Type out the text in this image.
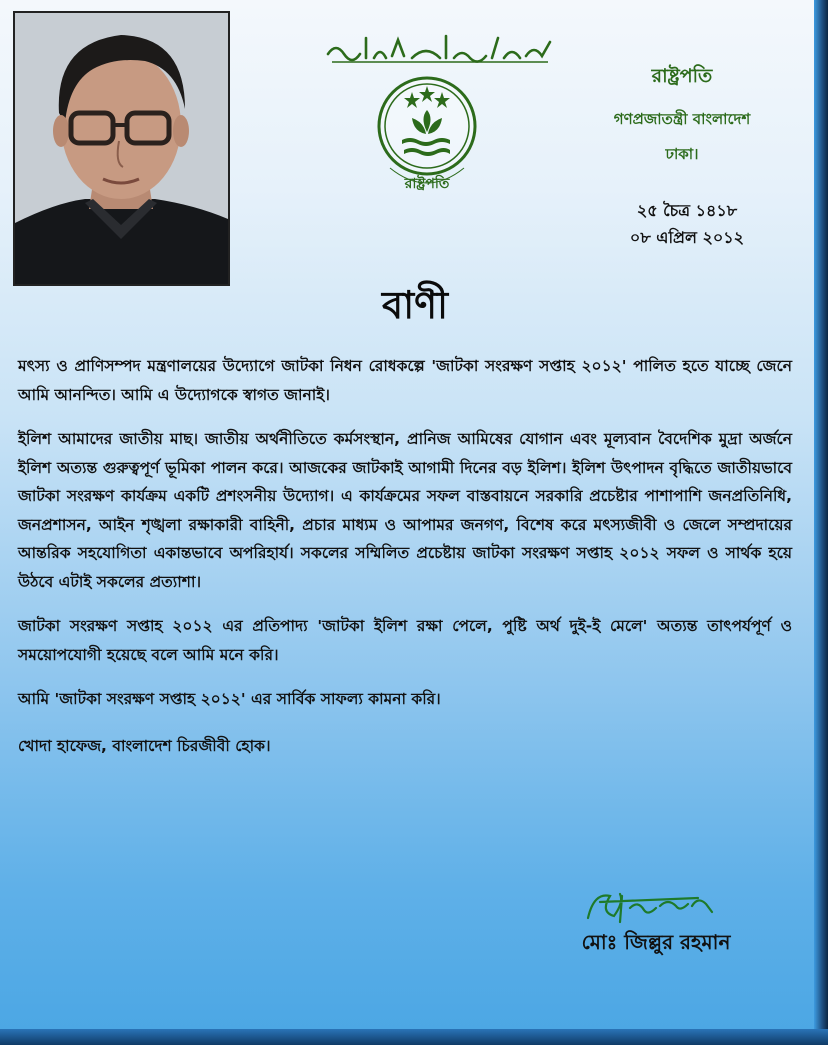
রাষ্ট্রপতি

রাষ্ট্রপতি

গণপ্রজাতন্ত্রী বাংলাদেশ
ঢাকা।
২৫ চৈত্র ১৪১৮
০৮ এপ্রিল ২০১২
বাণী

মৎস্য ও প্রাণিসম্পদ মন্ত্রণালয়ের উদ্যোগে জাটকা নিধন রোধকল্পে 'জাটকা সংরক্ষণ সপ্তাহ ২০১২' পালিত হতে যাচ্ছে জেনে আমি আনন্দিত। আমি এ উদ্যোগকে স্বাগত জানাই।

ইলিশ আমাদের জাতীয় মাছ। জাতীয় অর্থনীতিতে কর্মসংস্থান, প্রানিজ আমিষের যোগান এবং মূল্যবান বৈদেশিক মুদ্রা অর্জনে ইলিশ অত্যন্ত গুরুত্বপূর্ণ ভূমিকা পালন করে। আজকের জাটকাই আগামী দিনের বড় ইলিশ। ইলিশ উৎপাদন বৃদ্ধিতে জাতীয়ভাবে জাটকা সংরক্ষণ কার্যক্রম একটি প্রশংসনীয় উদ্যোগ। এ কার্যক্রমের সফল বাস্তবায়নে সরকারি প্রচেষ্টার পাশাপাশি জনপ্রতিনিধি, জনপ্রশাসন, আইন শৃঙ্খলা রক্ষাকারী বাহিনী, প্রচার মাধ্যম ও আপামর জনগণ, বিশেষ করে মৎস্যজীবী ও জেলে সম্প্রদায়ের আন্তরিক সহযোগিতা একান্তভাবে অপরিহার্য। সকলের সম্মিলিত প্রচেষ্টায় জাটকা সংরক্ষণ সপ্তাহ ২০১২ সফল ও সার্থক হয়ে উঠবে এটাই সকলের প্রত্যাশা।

জাটকা সংরক্ষণ সপ্তাহ ২০১২ এর প্রতিপাদ্য 'জাটকা ইলিশ রক্ষা পেলে, পুষ্টি অর্থ দুই-ই মেলে' অত্যন্ত তাৎপর্যপূর্ণ ও সময়োপযোগী হয়েছে বলে আমি মনে করি।

আমি 'জাটকা সংরক্ষণ সপ্তাহ ২০১২' এর সার্বিক সাফল্য কামনা করি।

খোদা হাফেজ, বাংলাদেশ চিরজীবী হোক।

মোঃ জিল্লুর রহমান
